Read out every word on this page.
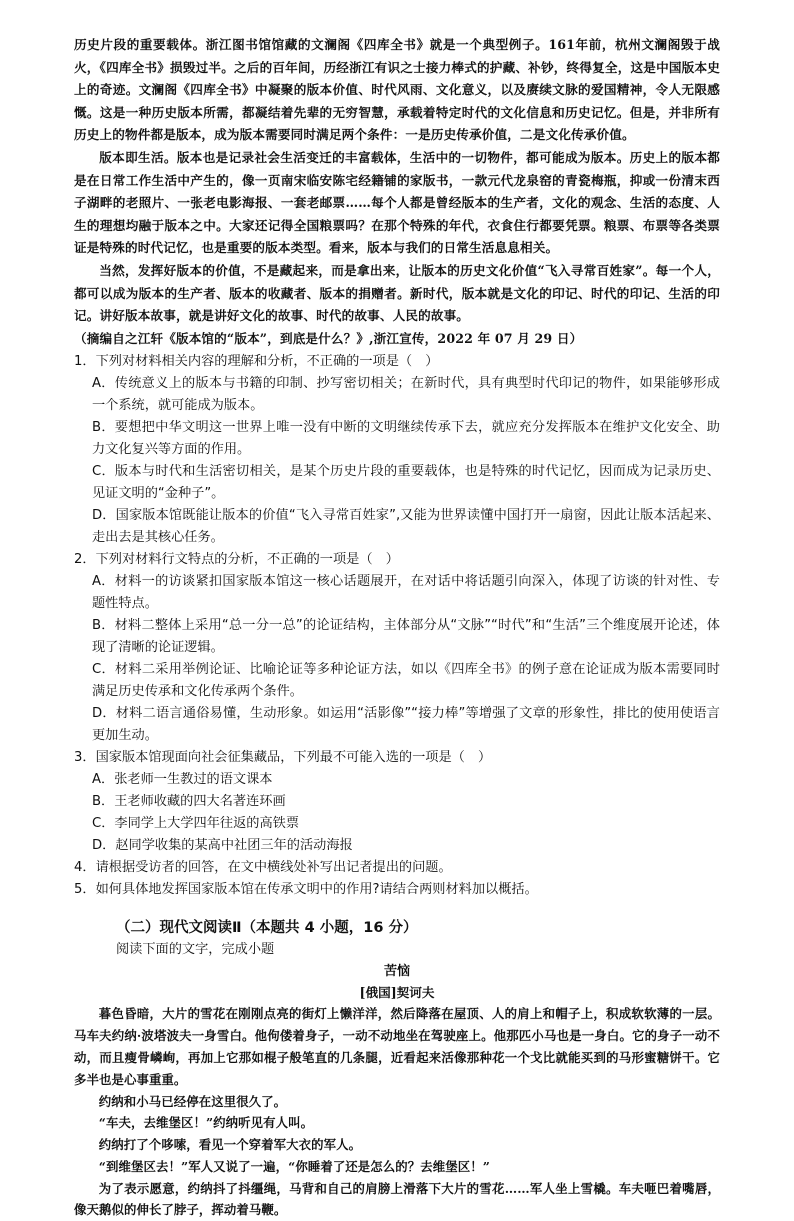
历史片段的重要载体。浙江图书馆馆藏的文澜阁《四库全书》就是一个典型例子。161年前，杭州文澜阁毁于战火，《四库全书》损毁过半。之后的百年间，历经浙江有识之士接力棒式的护藏、补钞，终得复全，这是中国版本史上的奇迹。文澜阁《四库全书》中凝聚的版本价值、时代风雨、文化意义，以及赓续文脉的爱国精神，令人无限感慨。这是一种历史版本所需，都凝结着先辈的无穷智慧，承载着特定时代的文化信息和历史记忆。但是，并非所有历史上的物件都是版本，成为版本需要同时满足两个条件：一是历史传承价值，二是文化传承价值。

版本即生活。版本也是记录社会生活变迁的丰富载体，生活中的一切物件，都可能成为版本。历史上的版本都是在日常工作生活中产生的，像一页南宋临安陈宅经籍铺的家版书，一款元代龙泉窑的青瓷梅瓶，抑或一份清末西子湖畔的老照片、一张老电影海报、一套老邮票……每个人都是曾经版本的生产者，文化的观念、生活的态度、人生的理想均融于版本之中。大家还记得全国粮票吗？在那个特殊的年代，衣食住行都要凭票。粮票、布票等各类票证是特殊的时代记忆，也是重要的版本类型。看来，版本与我们的日常生活息息相关。

当然，发挥好版本的价值，不是藏起来，而是拿出来，让版本的历史文化价值“飞入寻常百姓家”。每一个人，都可以成为版本的生产者、版本的收藏者、版本的捐赠者。新时代，版本就是文化的印记、时代的印记、生活的印记。讲好版本故事，就是讲好文化的故事、时代的故事、人民的故事。

（摘编自之江轩《版本馆的“版本”，到底是什么？》,浙江宣传，2022 年 07 月 29 日）

1．下列对材料相关内容的理解和分析，不正确的一项是（　）
A．传统意义上的版本与书籍的印制、抄写密切相关；在新时代，具有典型时代印记的物件，如果能够形成一个系统，就可能成为版本。
B．要想把中华文明这一世界上唯一没有中断的文明继续传承下去，就应充分发挥版本在维护文化安全、助力文化复兴等方面的作用。
C．版本与时代和生活密切相关，是某个历史片段的重要载体，也是特殊的时代记忆，因而成为记录历史、见证文明的“金种子”。
D．国家版本馆既能让版本的价值“飞入寻常百姓家”,又能为世界读懂中国打开一扇窗，因此让版本活起来、走出去是其核心任务。
2．下列对材料行文特点的分析，不正确的一项是（　）
A．材料一的访谈紧扣国家版本馆这一核心话题展开，在对话中将话题引向深入，体现了访谈的针对性、专题性特点。
B．材料二整体上采用“总一分一总”的论证结构，主体部分从“文脉”“时代”和“生活”三个维度展开论述，体现了清晰的论证逻辑。
C．材料二采用举例论证、比喻论证等多种论证方法，如以《四库全书》的例子意在论证成为版本需要同时满足历史传承和文化传承两个条件。
D．材料二语言通俗易懂，生动形象。如运用“活影像”“接力棒”等增强了文章的形象性，排比的使用使语言更加生动。
3．国家版本馆现面向社会征集藏品，下列最不可能入选的一项是（　）
A．张老师一生教过的语文课本
B．王老师收藏的四大名著连环画
C．李同学上大学四年往返的高铁票
D．赵同学收集的某高中社团三年的活动海报
4．请根据受访者的回答，在文中横线处补写出记者提出的问题。
5．如何具体地发挥国家版本馆在传承文明中的作用?请结合两则材料加以概括。
（二）现代文阅读Ⅱ（本题共 4 小题，16 分）
阅读下面的文字，完成小题
苦恼
[俄国]契诃夫

暮色昏暗，大片的雪花在刚刚点亮的街灯上懒洋洋，然后降落在屋顶、人的肩上和帽子上，积成软软薄的一层。马车夫约纳·波塔波夫一身雪白。他佝偻着身子，一动不动地坐在驾驶座上。他那匹小马也是一身白。它的身子一动不动，而且瘦骨嶙峋，再加上它那如棍子般笔直的几条腿，近看起来活像那种花一个戈比就能买到的马形蜜糖饼干。它多半也是心事重重。

约纳和小马已经停在这里很久了。

“车夫，去维堡区！”约纳听见有人叫。

约纳打了个哆嗦，看见一个穿着军大衣的军人。

“到维堡区去！”军人又说了一遍，“你睡着了还是怎么的？去维堡区！”

为了表示愿意，约纳抖了抖缰绳，马背和自己的肩膀上滑落下大片的雪花……军人坐上雪橇。车夫咂巴着嘴唇，像天鹅似的伸长了脖子，挥动着马鞭。
